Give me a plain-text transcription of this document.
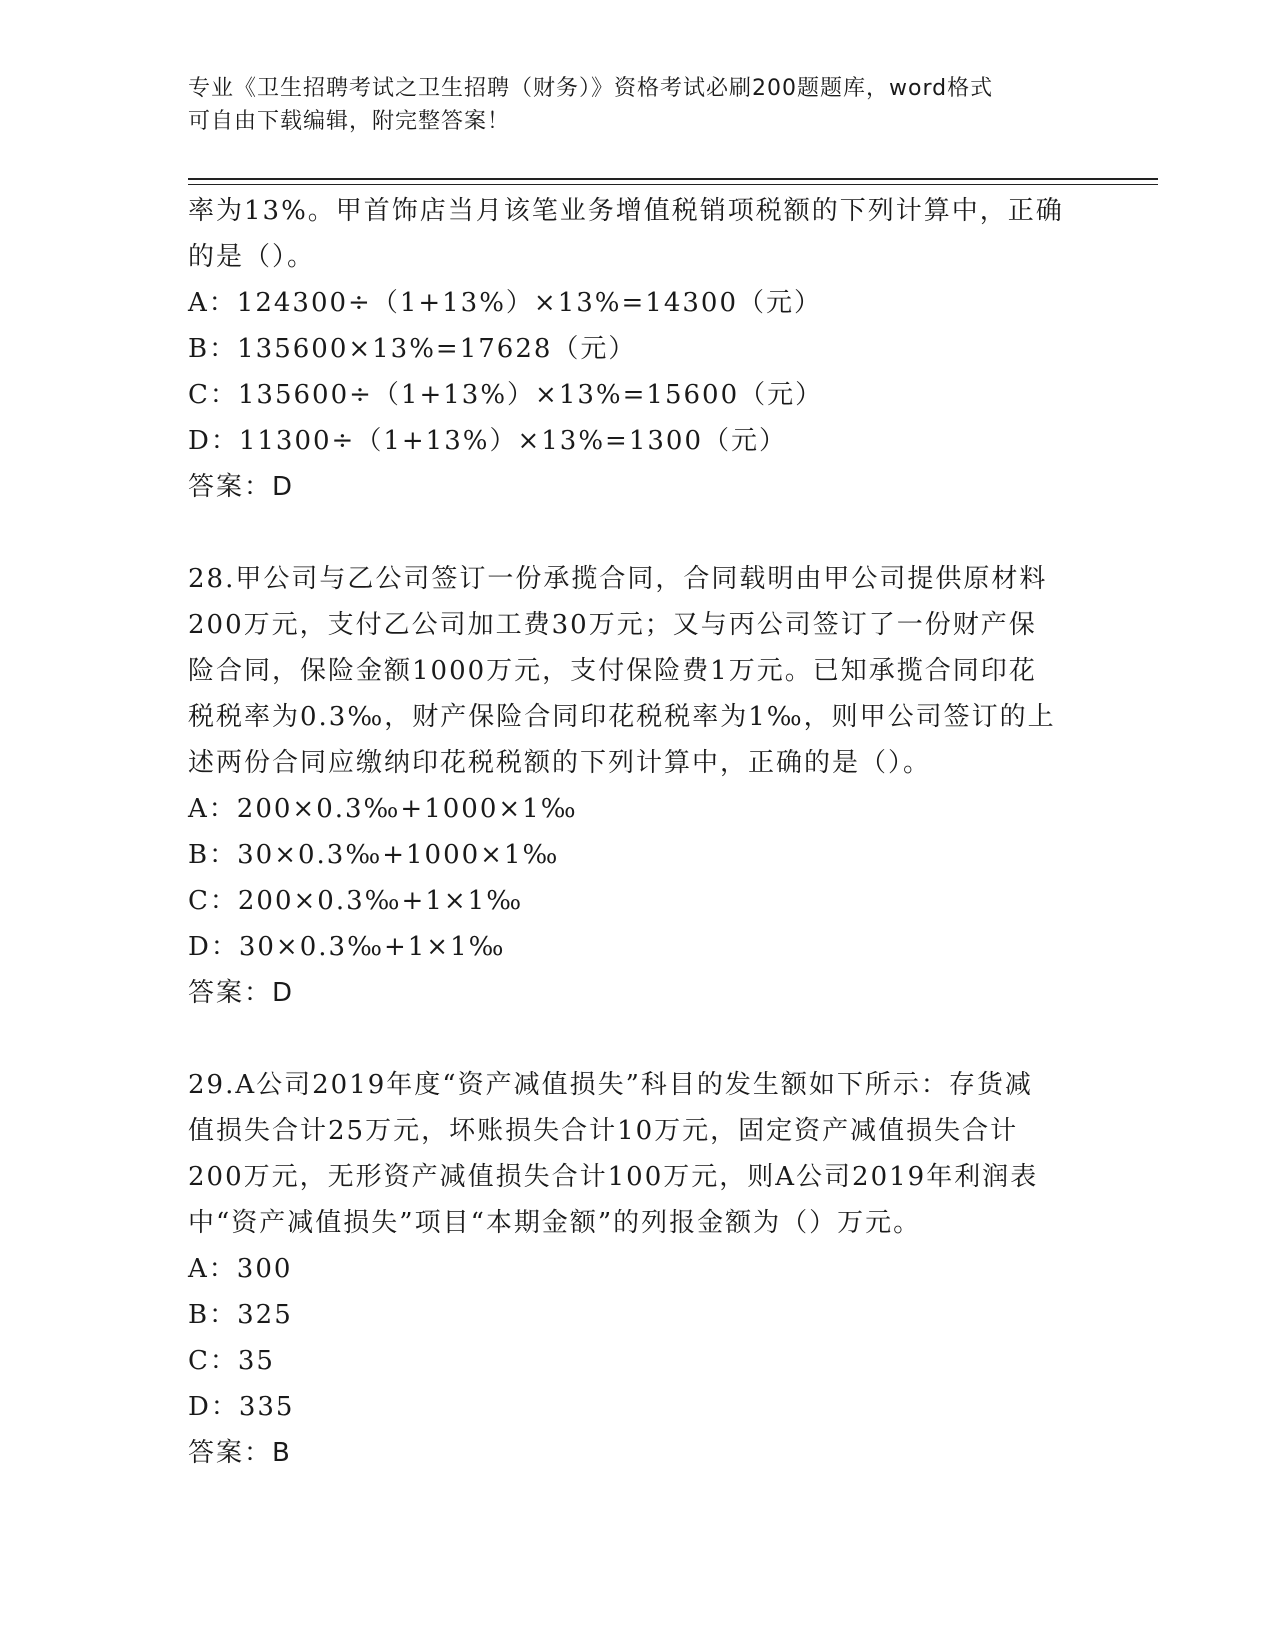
专业《卫生招聘考试之卫生招聘（财务）》资格考试必刷200题题库，word格式
可自由下载编辑，附完整答案！

率为13%。甲首饰店当月该笔业务增值税销项税额的下列计算中，正确

的是（）。

A：124300÷（1+13%）×13%=14300（元）

B：135600×13%=17628（元）

C：135600÷（1+13%）×13%=15600（元）

D：11300÷（1+13%）×13%=1300（元）

答案：D

28.甲公司与乙公司签订一份承揽合同，合同载明由甲公司提供原材料

200万元，支付乙公司加工费30万元；又与丙公司签订了一份财产保

险合同，保险金额1000万元，支付保险费1万元。已知承揽合同印花

税税率为0.3‰，财产保险合同印花税税率为1‰，则甲公司签订的上

述两份合同应缴纳印花税税额的下列计算中，正确的是（）。

A：200×0.3‰+1000×1‰

B：30×0.3‰+1000×1‰

C：200×0.3‰+1×1‰

D：30×0.3‰+1×1‰

答案：D

29.A公司2019年度“资产减值损失”科目的发生额如下所示：存货减

值损失合计25万元，坏账损失合计10万元，固定资产减值损失合计

200万元，无形资产减值损失合计100万元，则A公司2019年利润表

中“资产减值损失”项目“本期金额”的列报金额为（）万元。

A：300

B：325

C：35

D：335

答案：B
